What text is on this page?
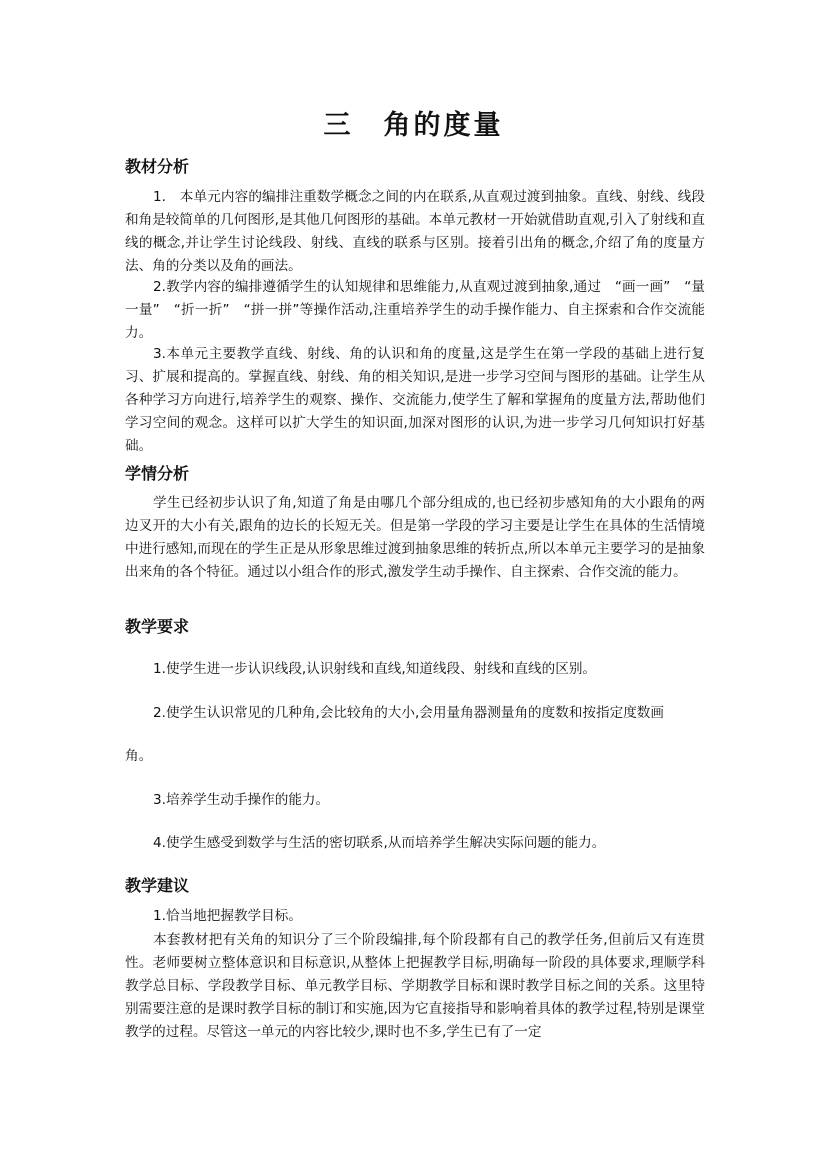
三 角的度量
教材分析

1.　本单元内容的编排注重数学概念之间的内在联系,从直观过渡到抽象。直线、射线、线段和角是较简单的几何图形,是其他几何图形的基础。本单元教材一开始就借助直观,引入了射线和直线的概念,并让学生讨论线段、射线、直线的联系与区别。接着引出角的概念,介绍了角的度量方法、角的分类以及角的画法。

2.教学内容的编排遵循学生的认知规律和思维能力,从直观过渡到抽象,通过　“画一画”　“量一量”　“折一折”　“拼一拼”等操作活动,注重培养学生的动手操作能力、自主探索和合作交流能力。

3.本单元主要教学直线、射线、角的认识和角的度量,这是学生在第一学段的基础上进行复习、扩展和提高的。掌握直线、射线、角的相关知识,是进一步学习空间与图形的基础。让学生从各种学习方向进行,培养学生的观察、操作、交流能力,使学生了解和掌握角的度量方法,帮助他们学习空间的观念。这样可以扩大学生的知识面,加深对图形的认识,为进一步学习几何知识打好基础。

学情分析

学生已经初步认识了角,知道了角是由哪几个部分组成的,也已经初步感知角的大小跟角的两边叉开的大小有关,跟角的边长的长短无关。但是第一学段的学习主要是让学生在具体的生活情境中进行感知,而现在的学生正是从形象思维过渡到抽象思维的转折点,所以本单元主要学习的是抽象出来角的各个特征。通过以小组合作的形式,激发学生动手操作、自主探索、合作交流的能力。

教学要求

1.使学生进一步认识线段,认识射线和直线,知道线段、射线和直线的区别。

2.使学生认识常见的几种角,会比较角的大小,会用量角器测量角的度数和按指定度数画

角。

3.培养学生动手操作的能力。

4.使学生感受到数学与生活的密切联系,从而培养学生解决实际问题的能力。

教学建议

1.恰当地把握教学目标。

本套教材把有关角的知识分了三个阶段编排,每个阶段都有自己的教学任务,但前后又有连贯性。老师要树立整体意识和目标意识,从整体上把握教学目标,明确每一阶段的具体要求,理顺学科教学总目标、学段教学目标、单元教学目标、学期教学目标和课时教学目标之间的关系。这里特别需要注意的是课时教学目标的制订和实施,因为它直接指导和影响着具体的教学过程,特别是课堂教学的过程。尽管这一单元的内容比较少,课时也不多,学生已有了一定
